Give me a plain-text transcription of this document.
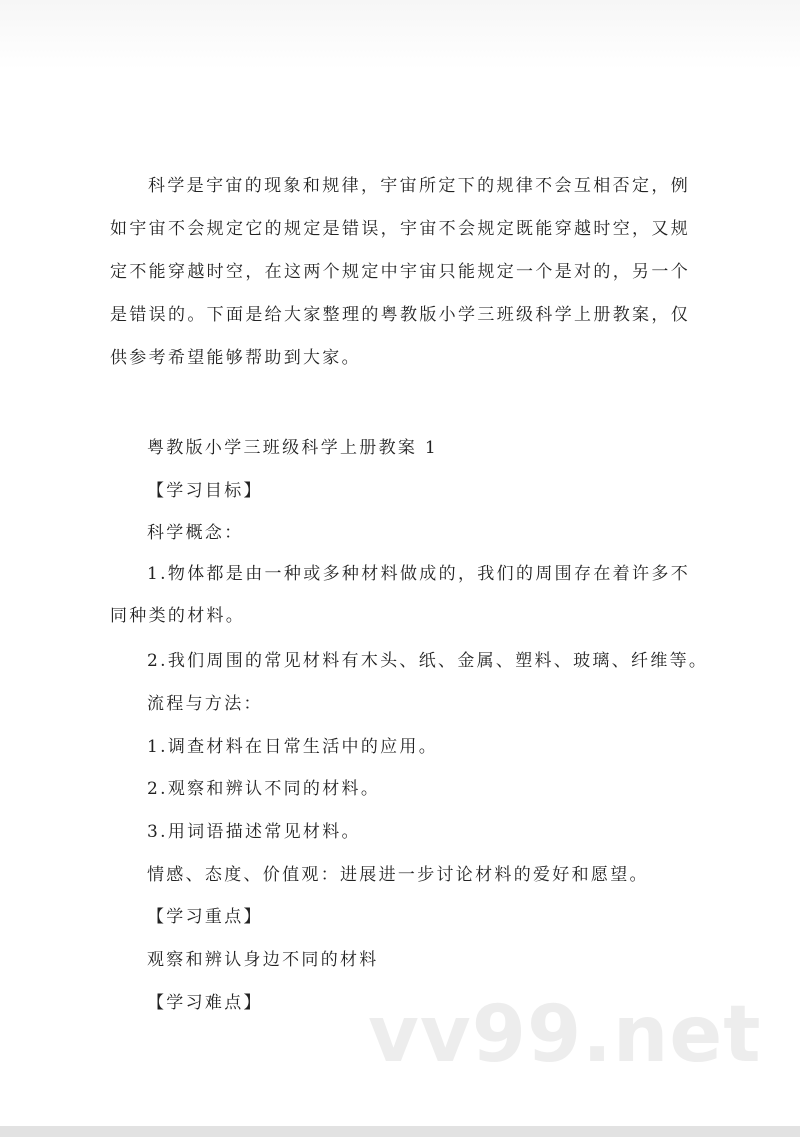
科学是宇宙的现象和规律，宇宙所定下的规律不会互相否定，例如宇宙不会规定它的规定是错误，宇宙不会规定既能穿越时空，又规定不能穿越时空，在这两个规定中宇宙只能规定一个是对的，另一个是错误的。下面是给大家整理的粤教版小学三班级科学上册教案，仅供参考希望能够帮助到大家。

粤教版小学三班级科学上册教案 1

【学习目标】

科学概念：

1.物体都是由一种或多种材料做成的，我们的周围存在着许多不同种类的材料。

2.我们周围的常见材料有木头、纸、金属、塑料、玻璃、纤维等。

流程与方法：

1.调查材料在日常生活中的应用。

2.观察和辨认不同的材料。

3.用词语描述常见材料。

情感、态度、价值观：进展进一步讨论材料的爱好和愿望。

【学习重点】

观察和辨认身边不同的材料

【学习难点】 vv99.net
